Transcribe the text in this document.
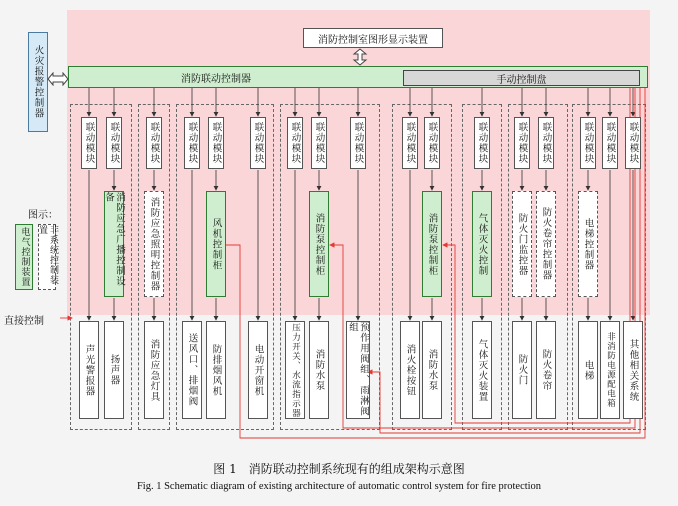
消防控制室图形显示装置
火灾报警控制器	消防联动控制器	手动控制盘
联动模块 联动模块	联动模块	联动模块 联动模块	联动模块	联动模块 联动模块	联动模块	联动模块 联动模块	联动模块	联动模块 联动模块	联动模块 联动模块 联动模块
消防应急广播控制设备	消防应急照明控制器	风机控制柜	消防泵控制柜	消防泵控制柜	气体灭火控制	防火门监控器	防火卷帘控制器	电梯控制器
声光警报器	扬声器	消防应急灯具	送风口、排烟阀	防排烟风机	电动开窗机	压力开关、水流指示器	消防水泵	预作用阀组、雨淋阀组
消火栓按钮	消防水泵	气体灭火装置	防火门	防火卷帘	电梯	非消防电源配电箱	其他相关系统
图示：
电气控制装置	非系统控制装置
直接控制
图 1　消防联动控制系统现有的组成架构示意图
Fig. 1 Schematic diagram of existing architecture of automatic control system for fire protection
